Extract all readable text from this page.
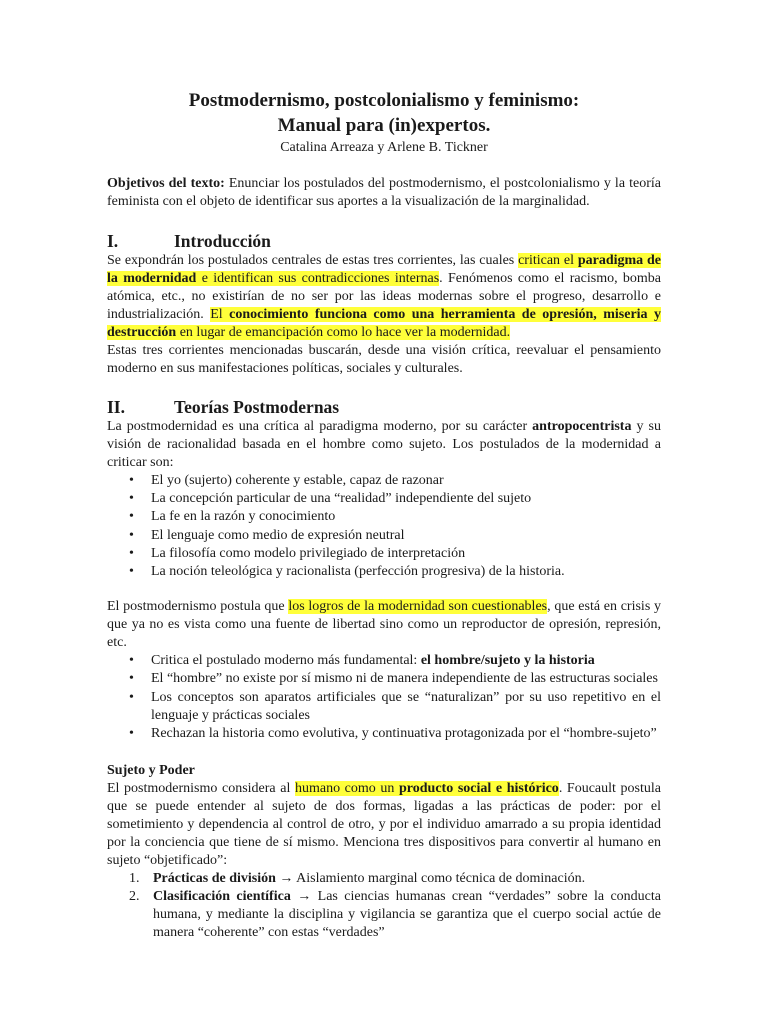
Postmodernismo, postcolonialismo y feminismo:
Manual para (in)expertos.

Catalina Arreaza y Arlene B. Tickner

Objetivos del texto: Enunciar los postulados del postmodernismo, el postcolonialismo y la teoría feminista con el objeto de identificar sus aportes a la visualización de la marginalidad.

I.	Introducción

Se expondrán los postulados centrales de estas tres corrientes, las cuales critican el paradigma de la modernidad e identifican sus contradicciones internas. Fenómenos como el racismo, bomba atómica, etc., no existirían de no ser por las ideas modernas sobre el progreso, desarrollo e industrialización. El conocimiento funciona como una herramienta de opresión, miseria y destrucción en lugar de emancipación como lo hace ver la modernidad.

Estas tres corrientes mencionadas buscarán, desde una visión crítica, reevaluar el pensamiento moderno en sus manifestaciones políticas, sociales y culturales.

II.	Teorías Postmodernas

La postmodernidad es una crítica al paradigma moderno, por su carácter antropocentrista y su visión de racionalidad basada en el hombre como sujeto. Los postulados de la modernidad a criticar son:

• El yo (sujerto) coherente y estable, capaz de razonar
• La concepción particular de una “realidad” independiente del sujeto
• La fe en la razón y conocimiento
• El lenguaje como medio de expresión neutral
• La filosofía como modelo privilegiado de interpretación
• La noción teleológica y racionalista (perfección progresiva) de la historia.

El postmodernismo postula que los logros de la modernidad son cuestionables, que está en crisis y que ya no es vista como una fuente de libertad sino como un reproductor de opresión, represión, etc.

• Critica el postulado moderno más fundamental: el hombre/sujeto y la historia
• El “hombre” no existe por sí mismo ni de manera independiente de las estructuras sociales
• Los conceptos son aparatos artificiales que se “naturalizan” por su uso repetitivo en el lenguaje y prácticas sociales
• Rechazan la historia como evolutiva, y continuativa protagonizada por el “hombre-sujeto”

Sujeto y Poder

El postmodernismo considera al humano como un producto social e histórico. Foucault postula que se puede entender al sujeto de dos formas, ligadas a las prácticas de poder: por el sometimiento y dependencia al control de otro, y por el individuo amarrado a su propia identidad por la conciencia que tiene de sí mismo. Menciona tres dispositivos para convertir al humano en sujeto “objetificado”:

1. Prácticas de división → Aislamiento marginal como técnica de dominación.
2. Clasificación científica → Las ciencias humanas crean “verdades” sobre la conducta humana, y mediante la disciplina y vigilancia se garantiza que el cuerpo social actúe de manera “coherente” con estas “verdades”
